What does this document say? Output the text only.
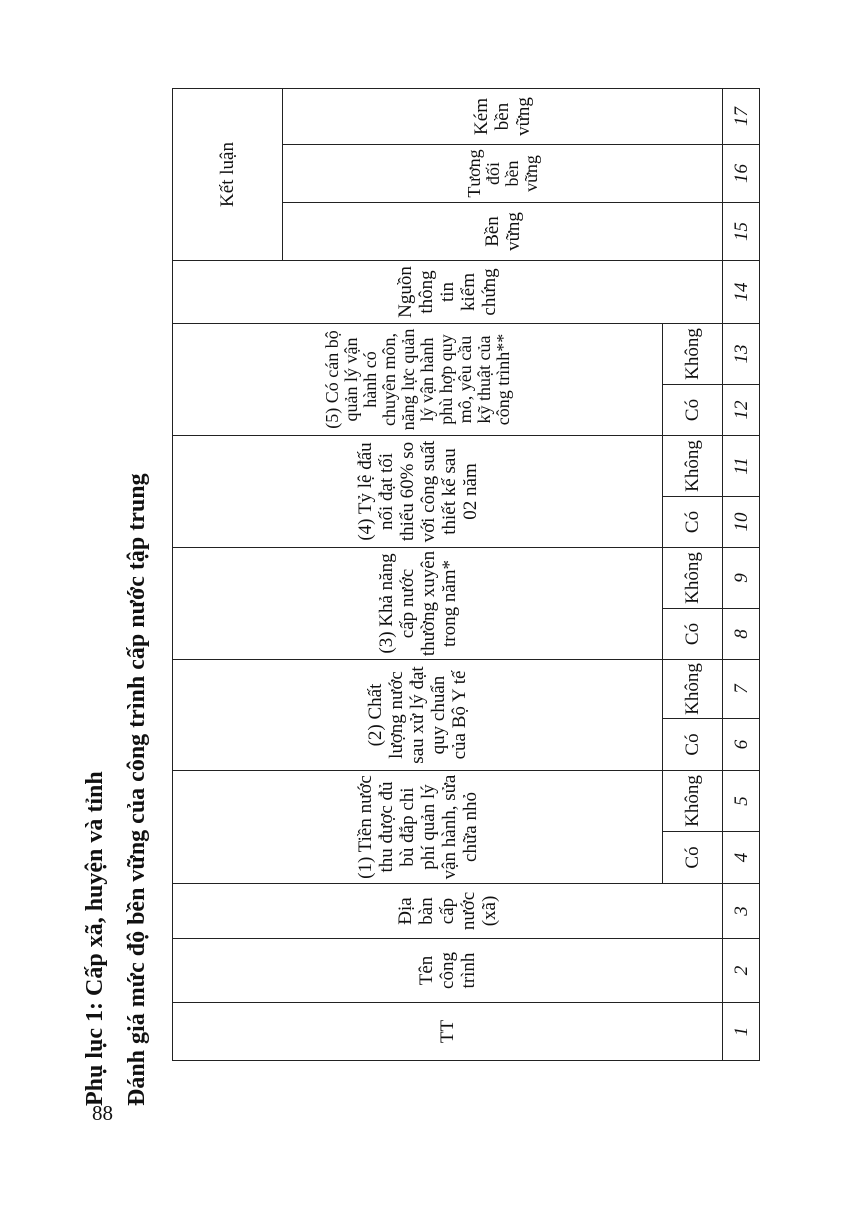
88
Phụ lục 1: Cấp xã, huyện và tỉnh Đánh giá mức độ bền vững của công trình cấp nước tập trung	TT	Tên công trình	Địa bàn cấp nước (xã)	(1) Tiền nước thu được đủ bù đắp chi phí quản lý vận hành, sửa chữa nhỏ		(2) Chất lượng nước sau xử lý đạt quy chuẩn của Bộ Y tế		(3) Khả năng cấp nước thường xuyên trong năm*		(4) Tỷ lệ đấu nối đạt tối thiểu 60% so với công suất thiết kế sau 02 năm		(5) Có cán bộ quản lý vận hành có chuyên môn, năng lực quản lý vận hành phù hợp quy mô, yêu cầu kỹ thuật của công trình**		Nguồn thông tin kiểm chứng	Kết luận		
														Bền vững	Tương đối bền vững	Kém bền vững
			Có	Không	Có	Không	Có	Không	Có	Không	Có	Không				
1	2	3	4	5	6	7	8	9	10	11	12	13	14	15	16	17
